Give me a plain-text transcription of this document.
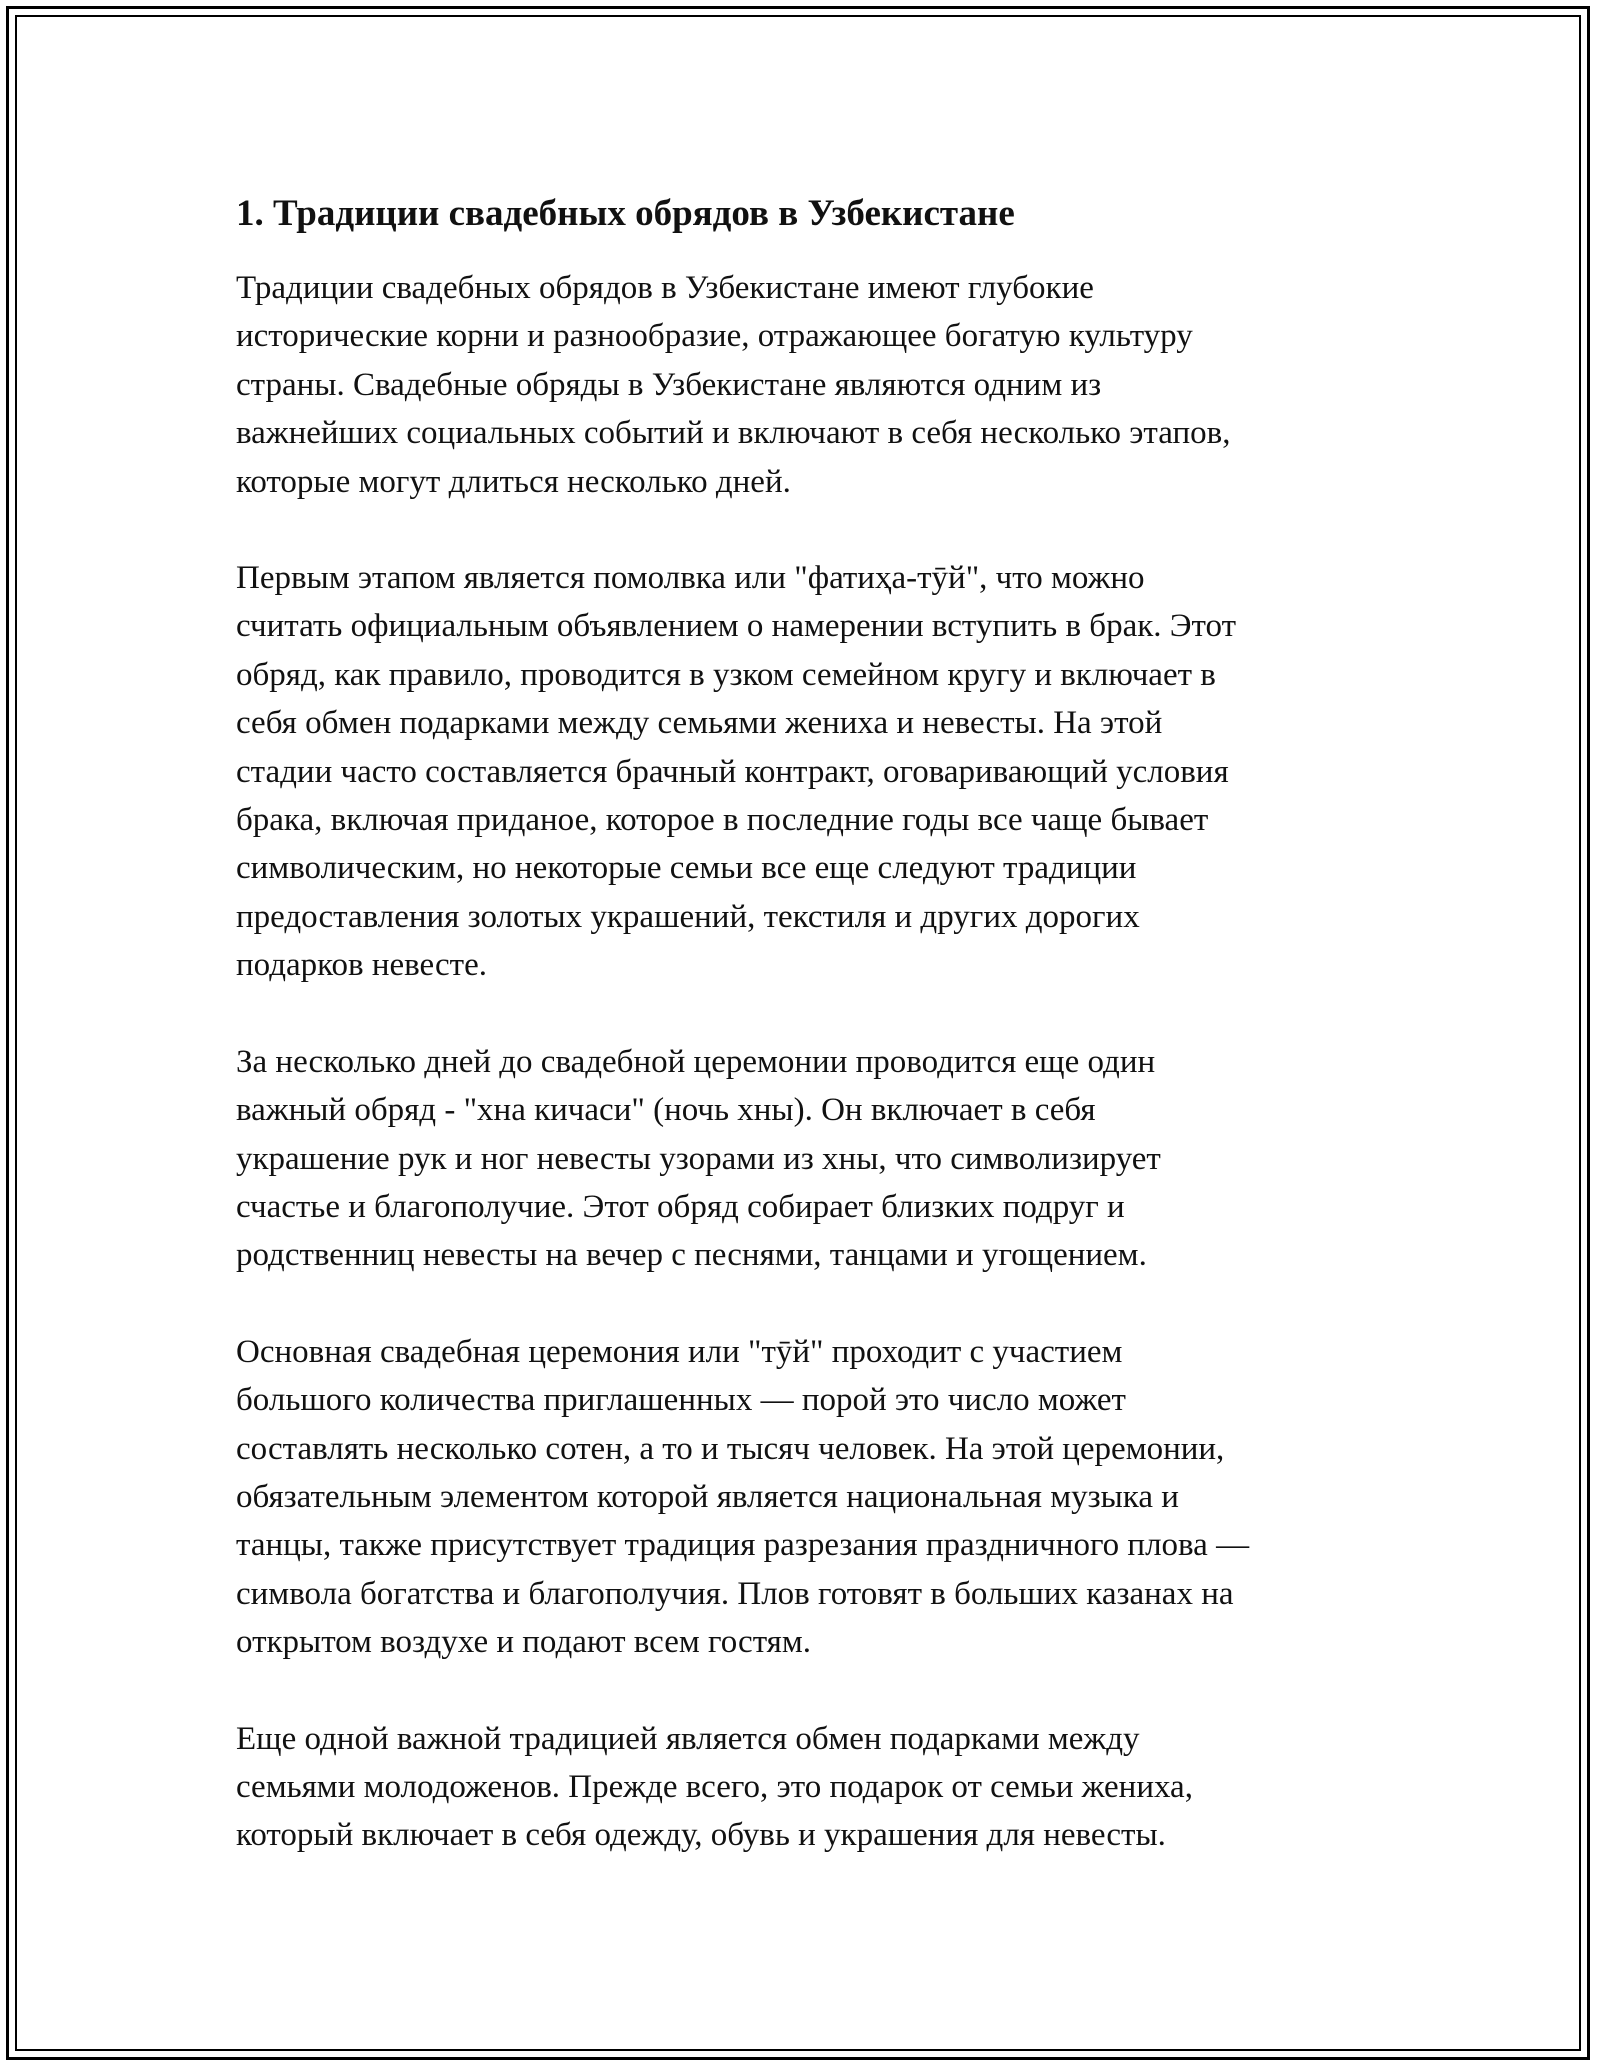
1. Традиции свадебных обрядов в Узбекистане
Традиции свадебных обрядов в Узбекистане имеют глубокие
исторические корни и разнообразие, отражающее богатую культуру
страны. Свадебные обряды в Узбекистане являются одним из
важнейших социальных событий и включают в себя несколько этапов,
которые могут длиться несколько дней.
Первым этапом является помолвка или "фатиҳа-тӯй", что можно
считать официальным объявлением о намерении вступить в брак. Этот
обряд, как правило, проводится в узком семейном кругу и включает в
себя обмен подарками между семьями жениха и невесты. На этой
стадии часто составляется брачный контракт, оговаривающий условия
брака, включая приданое, которое в последние годы все чаще бывает
символическим, но некоторые семьи все еще следуют традиции
предоставления золотых украшений, текстиля и других дорогих
подарков невесте.
За несколько дней до свадебной церемонии проводится еще один
важный обряд - "хна кичаси" (ночь хны). Он включает в себя
украшение рук и ног невесты узорами из хны, что символизирует
счастье и благополучие. Этот обряд собирает близких подруг и
родственниц невесты на вечер с песнями, танцами и угощением.
Основная свадебная церемония или "тӯй" проходит с участием
большого количества приглашенных — порой это число может
составлять несколько сотен, а то и тысяч человек. На этой церемонии,
обязательным элементом которой является национальная музыка и
танцы, также присутствует традиция разрезания праздничного плова —
символа богатства и благополучия. Плов готовят в больших казанах на
открытом воздухе и подают всем гостям.
Еще одной важной традицией является обмен подарками между
семьями молодоженов. Прежде всего, это подарок от семьи жениха,
который включает в себя одежду, обувь и украшения для невесты.
